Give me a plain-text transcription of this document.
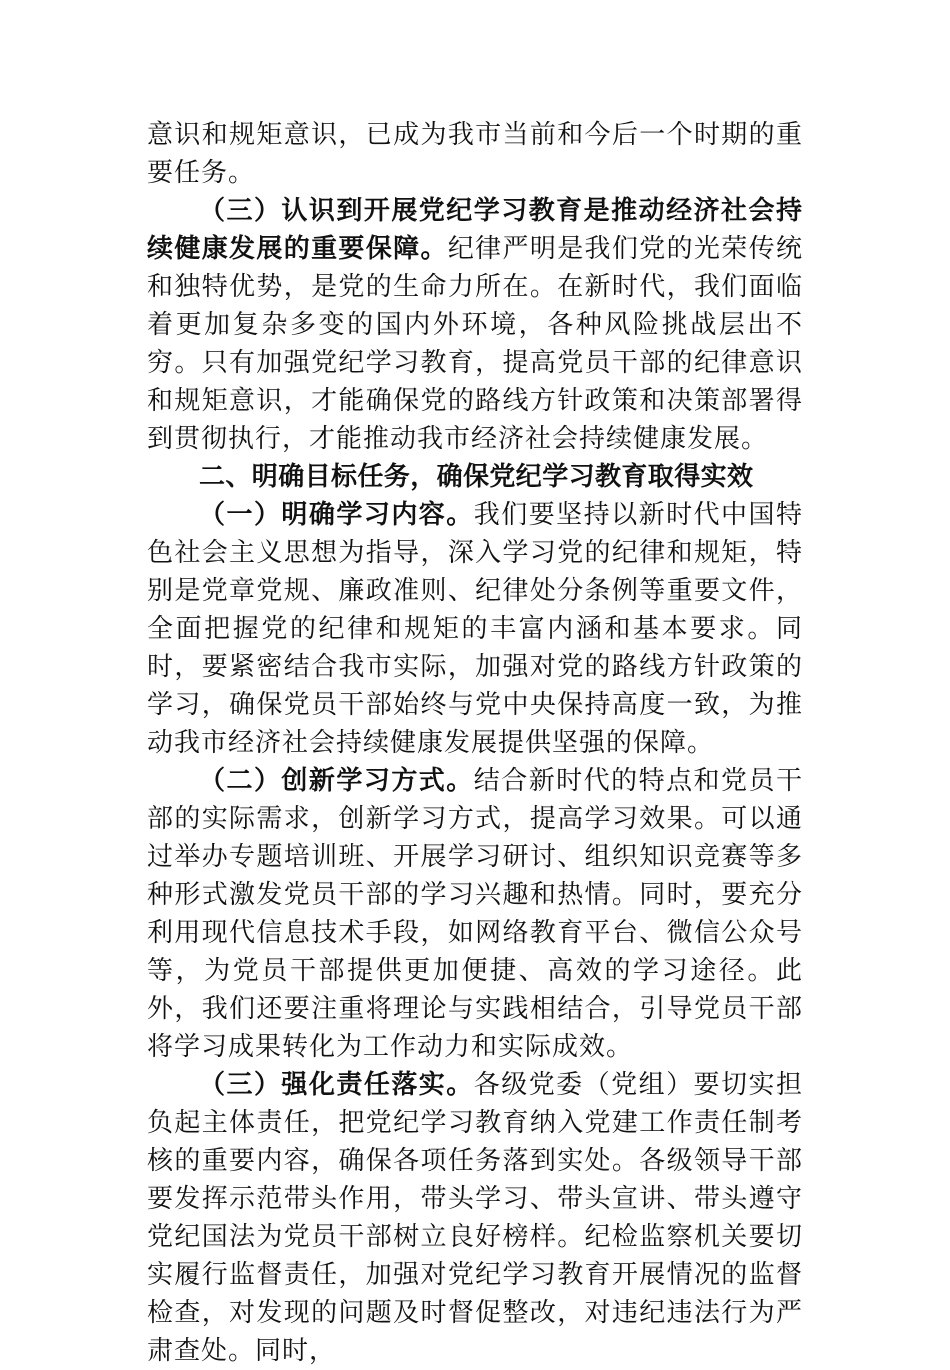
意识和规矩意识，已成为我市当前和今后一个时期的重要任务。

（三）认识到开展党纪学习教育是推动经济社会持续健康发展的重要保障。纪律严明是我们党的光荣传统和独特优势，是党的生命力所在。在新时代，我们面临着更加复杂多变的国内外环境，各种风险挑战层出不穷。只有加强党纪学习教育，提高党员干部的纪律意识和规矩意识，才能确保党的路线方针政策和决策部署得到贯彻执行，才能推动我市经济社会持续健康发展。

二、明确目标任务，确保党纪学习教育取得实效

（一）明确学习内容。我们要坚持以新时代中国特色社会主义思想为指导，深入学习党的纪律和规矩，特别是党章党规、廉政准则、纪律处分条例等重要文件，全面把握党的纪律和规矩的丰富内涵和基本要求。同时，要紧密结合我市实际，加强对党的路线方针政策的学习，确保党员干部始终与党中央保持高度一致，为推动我市经济社会持续健康发展提供坚强的保障。

（二）创新学习方式。结合新时代的特点和党员干部的实际需求，创新学习方式，提高学习效果。可以通过举办专题培训班、开展学习研讨、组织知识竞赛等多种形式激发党员干部的学习兴趣和热情。同时，要充分利用现代信息技术手段，如网络教育平台、微信公众号等，为党员干部提供更加便捷、高效的学习途径。此外，我们还要注重将理论与实践相结合，引导党员干部将学习成果转化为工作动力和实际成效。

（三）强化责任落实。各级党委（党组）要切实担负起主体责任，把党纪学习教育纳入党建工作责任制考核的重要内容，确保各项任务落到实处。各级领导干部要发挥示范带头作用，带头学习、带头宣讲、带头遵守党纪国法为党员干部树立良好榜样。纪检监察机关要切实履行监督责任，加强对党纪学习教育开展情况的监督检查，对发现的问题及时督促整改，对违纪违法行为严肃查处。同时，
